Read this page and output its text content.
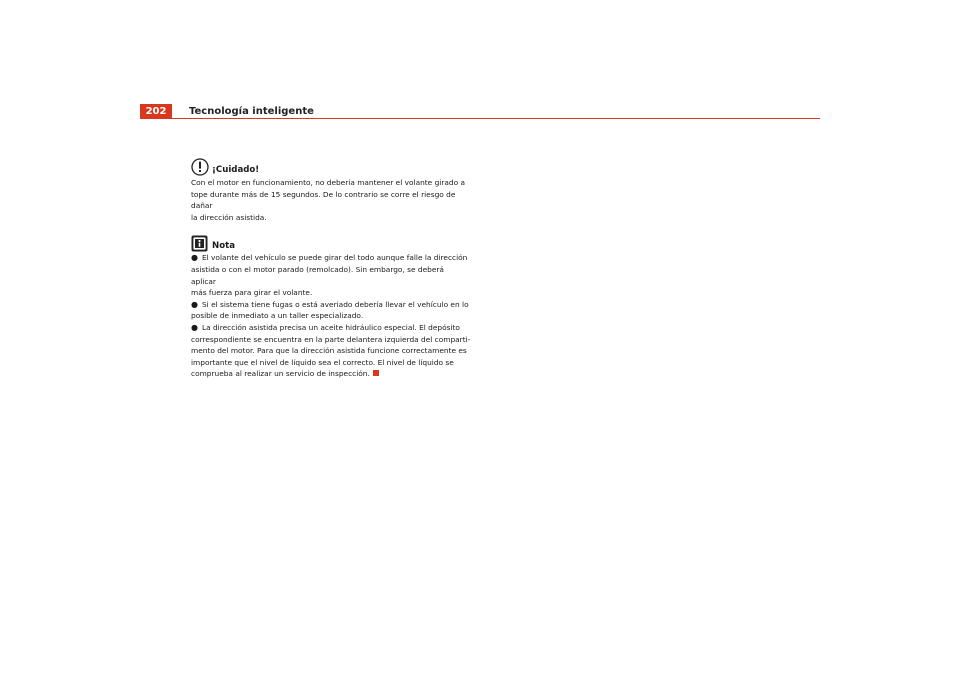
202	Tecnología inteligente
¡Cuidado!

Con el motor en funcionamiento, no debería mantener el volante girado a
tope durante más de 15 segundos. De lo contrario se corre el riesgo de dañar
la dirección asistida.

Nota

● El volante del vehículo se puede girar del todo aunque falle la dirección
asistida o con el motor parado (remolcado). Sin embargo, se deberá aplicar
más fuerza para girar el volante.

● Si el sistema tiene fugas o está averiado debería llevar el vehículo en lo
posible de inmediato a un taller especializado.

● La dirección asistida precisa un aceite hidráulico especial. El depósito
correspondiente se encuentra en la parte delantera izquierda del comparti-
mento del motor. Para que la dirección asistida funcione correctamente es
importante que el nivel de líquido sea el correcto. El nivel de líquido se
comprueba al realizar un servicio de inspección.
